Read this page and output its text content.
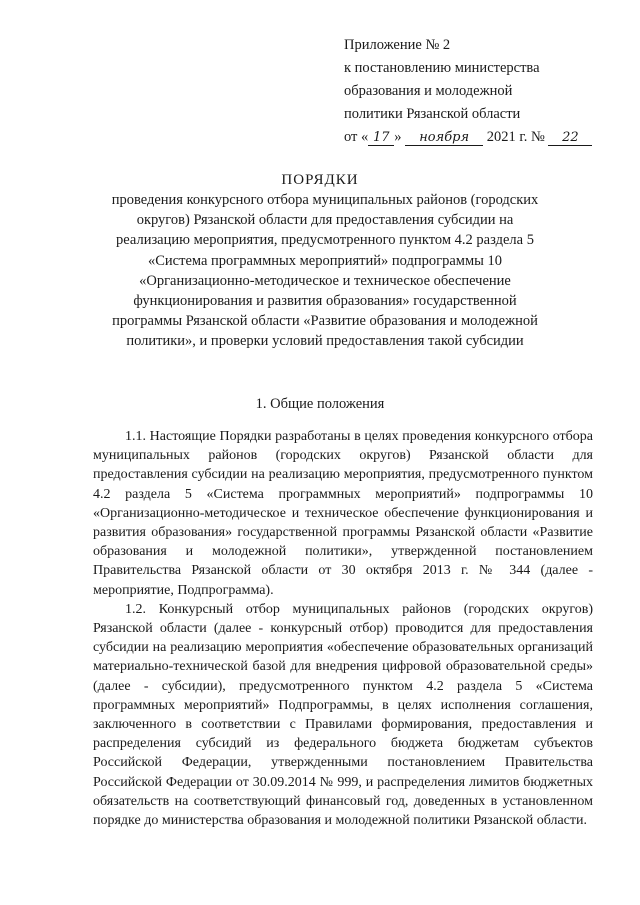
Приложение № 2
к постановлению министерства
образования и молодежной
политики Рязанской области
от « 17 » ноября 2021 г. № 22
ПОРЯДКИ
проведения конкурсного отбора муниципальных районов (городских округов) Рязанской области для предоставления субсидии на реализацию мероприятия, предусмотренного пунктом 4.2 раздела 5 «Система программных мероприятий» подпрограммы 10 «Организационно-методическое и техническое обеспечение функционирования и развития образования» государственной программы Рязанской области «Развитие образования и молодежной политики», и проверки условий предоставления такой субсидии
1. Общие положения

1.1. Настоящие Порядки разработаны в целях проведения конкурсного отбора муниципальных районов (городских округов) Рязанской области для предоставления субсидии на реализацию мероприятия, предусмотренного пунктом 4.2 раздела 5 «Система программных мероприятий» подпрограммы 10 «Организационно-методическое и техническое обеспечение функционирования и развития образования» государственной программы Рязанской области «Развитие образования и молодежной политики», утвержденной постановлением Правительства Рязанской области от 30 октября 2013 г. № 344 (далее - мероприятие, Подпрограмма).

1.2. Конкурсный отбор муниципальных районов (городских округов) Рязанской области (далее - конкурсный отбор) проводится для предоставления субсидии на реализацию мероприятия «обеспечение образовательных организаций материально-технической базой для внедрения цифровой образовательной среды» (далее - субсидии), предусмотренного пунктом 4.2 раздела 5 «Система программных мероприятий» Подпрограммы, в целях исполнения соглашения, заключенного в соответствии с Правилами формирования, предоставления и распределения субсидий из федерального бюджета бюджетам субъектов Российской Федерации, утвержденными постановлением Правительства Российской Федерации от 30.09.2014 № 999, и распределения лимитов бюджетных обязательств на соответствующий финансовый год, доведенных в установленном порядке до министерства образования и молодежной политики Рязанской области.
